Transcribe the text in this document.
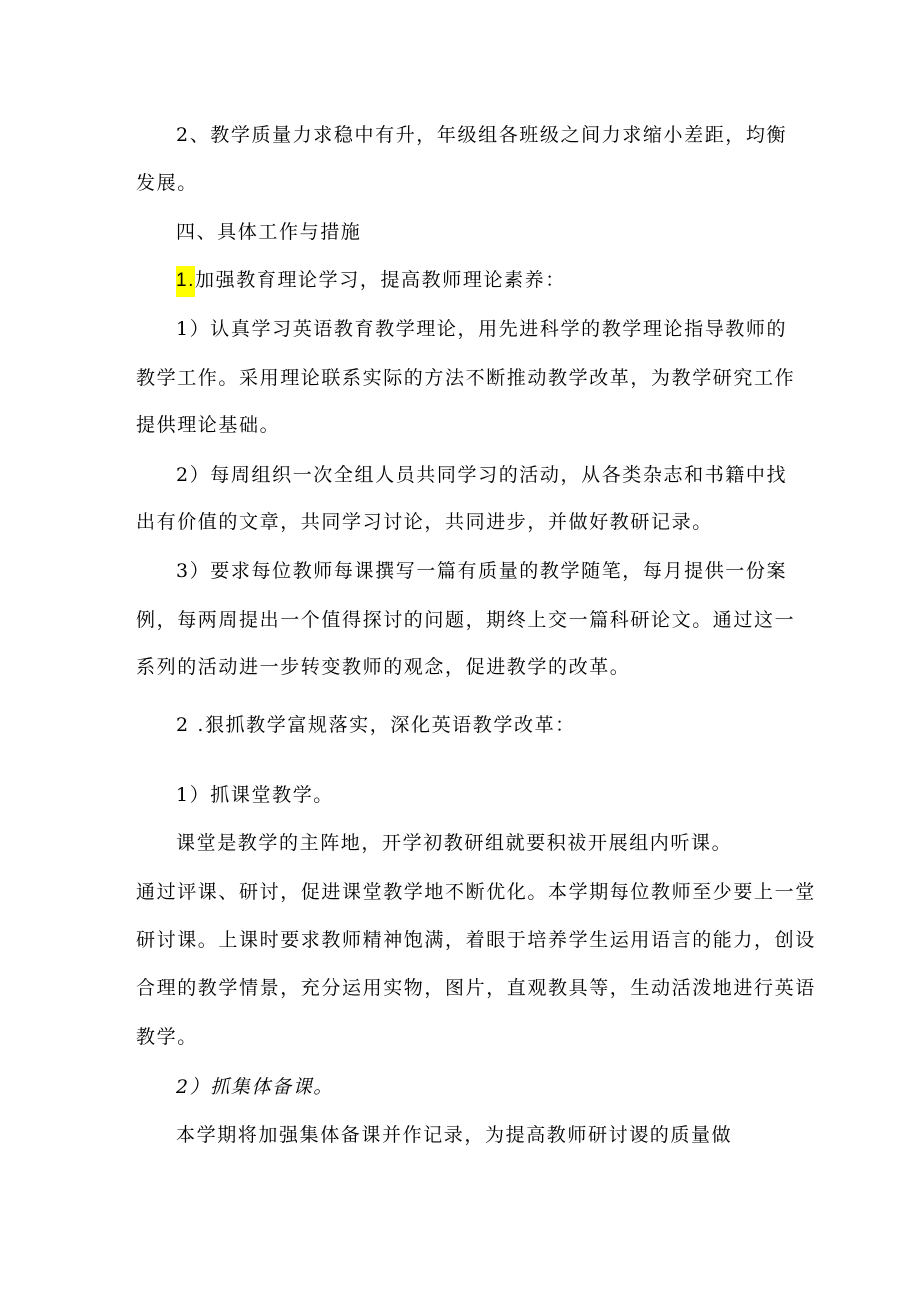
2、教学质量力求稳中有升，年级组各班级之间力求缩小差距，均衡

发展。

四、具体工作与措施

1.加强教育理论学习，提高教师理论素养：

1）认真学习英语教育教学理论，用先进科学的教学理论指导教师的

教学工作。采用理论联系实际的方法不断推动教学改革，为教学研究工作

提供理论基础。

2）每周组织一次全组人员共同学习的活动，从各类杂志和书籍中找

出有价值的文章，共同学习讨论，共同进步，并做好教研记录。

3）要求每位教师每课撰写一篇有质量的教学随笔，每月提供一份案

例，每两周提出一个值得探讨的问题，期终上交一篇科研论文。通过这一

系列的活动进一步转变教师的观念，促进教学的改革。

2 .狠抓教学富规落实，深化英语教学改革：

1）抓课堂教学。

课堂是教学的主阵地，开学初教研组就要积祓开展组内听课。

通过评课、研讨，促进课堂教学地不断优化。本学期每位教师至少要上一堂

研讨课。上课时要求教师精神饱满，着眼于培养学生运用语言的能力，创设

合理的教学情景，充分运用实物，图片，直观教具等，生动活泼地进行英语

教学。

2）抓集体备课。

本学期将加强集体备课并作记录，为提高教师研讨谡的质量做
